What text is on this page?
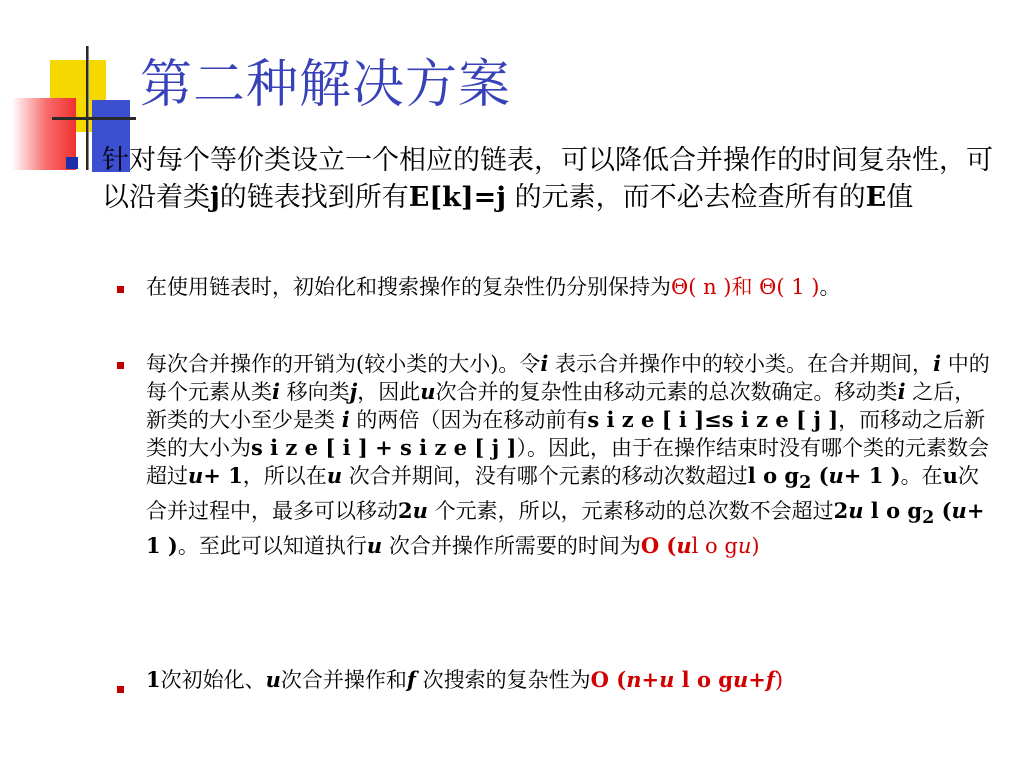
第二种解决方案

针对每个等价类设立一个相应的链表，可以降低合并操作的时间复杂性，可以沿着类j的链表找到所有E[k]=j 的元素，而不必去检查所有的E值

在使用链表时，初始化和搜索操作的复杂性仍分别保持为Θ( n )和 Θ( 1 )。

每次合并操作的开销为(较小类的大小)。令i 表示合并操作中的较小类。在合并期间，i 中的每个元素从类i 移向类j，因此u次合并的复杂性由移动元素的总次数确定。移动类i 之后，新类的大小至少是类 i 的两倍（因为在移动前有s i z e [ i ]≤s i z e [ j ]，而移动之后新类的大小为s i z e [ i ] + s i z e [ j ]）。因此，由于在操作结束时没有哪个类的元素数会超过u+ 1，所以在u 次合并期间，没有哪个元素的移动次数超过l o $g_2$ (u+ 1 )。在u次合并过程中，最多可以移动2u 个元素，所以，元素移动的总次数不会超过2u l o $g_2$ (u+ 1 )。至此可以知道执行u 次合并操作所需要的时间为O (ul o gu)

1次初始化、u次合并操作和f 次搜索的复杂性为O (n+u l o gu+f)
